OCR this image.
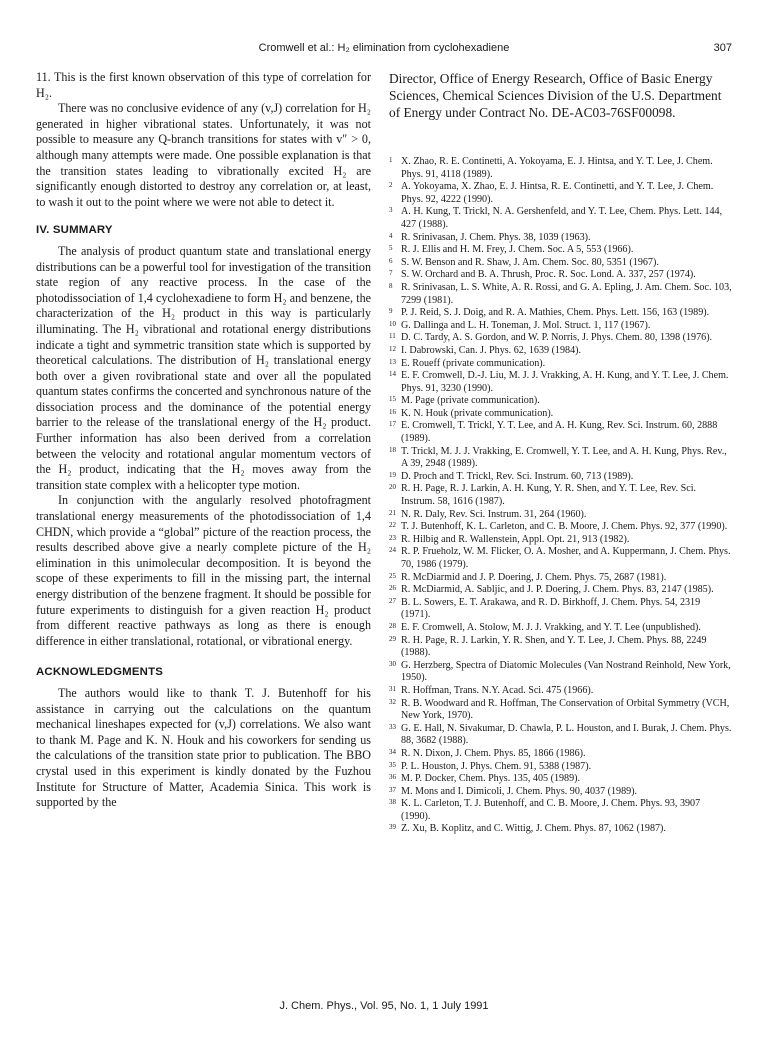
Cromwell et al.: H₂ elimination from cyclohexadiene	307

11. This is the first known observation of this type of correlation for H₂.

There was no conclusive evidence of any (v,J) correlation for H₂ generated in higher vibrational states. Unfortunately, it was not possible to measure any Q-branch transitions for states with v″ > 0, although many attempts were made. One possible explanation is that the transition states leading to vibrationally excited H₂ are significantly enough distorted to destroy any correlation or, at least, to wash it out to the point where we were not able to detect it.

IV. SUMMARY

The analysis of product quantum state and translational energy distributions can be a powerful tool for investigation of the transition state region of any reactive process. In the case of the photodissociation of 1,4 cyclohexadiene to form H₂ and benzene, the characterization of the H₂ product in this way is particularly illuminating. The H₂ vibrational and rotational energy distributions indicate a tight and symmetric transition state which is supported by theoretical calculations. The distribution of H₂ translational energy both over a given rovibrational state and over all the populated quantum states confirms the concerted and synchronous nature of the dissociation process and the dominance of the potential energy barrier to the release of the translational energy of the H₂ product. Further information has also been derived from a correlation between the velocity and rotational angular momentum vectors of the H₂ product, indicating that the H₂ moves away from the transition state complex with a helicopter type motion.

In conjunction with the angularly resolved photofragment translational energy measurements of the photodissociation of 1,4 CHDN, which provide a “global” picture of the reaction process, the results described above give a nearly complete picture of the H₂ elimination in this unimolecular decomposition. It is beyond the scope of these experiments to fill in the missing part, the internal energy distribution of the benzene fragment. It should be possible for future experiments to distinguish for a given reaction H₂ product from different reactive pathways as long as there is enough difference in either translational, rotational, or vibrational energy.

ACKNOWLEDGMENTS

The authors would like to thank T. J. Butenhoff for his assistance in carrying out the calculations on the quantum mechanical lineshapes expected for (v,J) correlations. We also want to thank M. Page and K. N. Houk and his coworkers for sending us the calculations of the transition state prior to publication. The BBO crystal used in this experiment is kindly donated by the Fuzhou Institute for Structure of Matter, Academia Sinica. This work is supported by the

Director, Office of Energy Research, Office of Basic Energy Sciences, Chemical Sciences Division of the U.S. Department of Energy under Contract No. DE-AC03-76SF00098.

1 X. Zhao, R. E. Continetti, A. Yokoyama, E. J. Hintsa, and Y. T. Lee, J. Chem. Phys. 91, 4118 (1989).
2 A. Yokoyama, X. Zhao, E. J. Hintsa, R. E. Continetti, and Y. T. Lee, J. Chem. Phys. 92, 4222 (1990).
3 A. H. Kung, T. Trickl, N. A. Gershenfeld, and Y. T. Lee, Chem. Phys. Lett. 144, 427 (1988).
4 R. Srinivasan, J. Chem. Phys. 38, 1039 (1963).
5 R. J. Ellis and H. M. Frey, J. Chem. Soc. A 5, 553 (1966).
6 S. W. Benson and R. Shaw, J. Am. Chem. Soc. 80, 5351 (1967).
7 S. W. Orchard and B. A. Thrush, Proc. R. Soc. Lond. A. 337, 257 (1974).
8 R. Srinivasan, L. S. White, A. R. Rossi, and G. A. Epling, J. Am. Chem. Soc. 103, 7299 (1981).
9 P. J. Reid, S. J. Doig, and R. A. Mathies, Chem. Phys. Lett. 156, 163 (1989).
10 G. Dallinga and L. H. Toneman, J. Mol. Struct. 1, 117 (1967).
11 D. C. Tardy, A. S. Gordon, and W. P. Norris, J. Phys. Chem. 80, 1398 (1976).
12 I. Dabrowski, Can. J. Phys. 62, 1639 (1984).
13 E. Roueff (private communication).
14 E. F. Cromwell, D.-J. Liu, M. J. J. Vrakking, A. H. Kung, and Y. T. Lee, J. Chem. Phys. 91, 3230 (1990).
15 M. Page (private communication).
16 K. N. Houk (private communication).
17 E. Cromwell, T. Trickl, Y. T. Lee, and A. H. Kung, Rev. Sci. Instrum. 60, 2888 (1989).
18 T. Trickl, M. J. J. Vrakking, E. Cromwell, Y. T. Lee, and A. H. Kung, Phys. Rev., A 39, 2948 (1989).
19 D. Proch and T. Trickl, Rev. Sci. Instrum. 60, 713 (1989).
20 R. H. Page, R. J. Larkin, A. H. Kung, Y. R. Shen, and Y. T. Lee, Rev. Sci. Instrum. 58, 1616 (1987).
21 N. R. Daly, Rev. Sci. Instrum. 31, 264 (1960).
22 T. J. Butenhoff, K. L. Carleton, and C. B. Moore, J. Chem. Phys. 92, 377 (1990).
23 R. Hilbig and R. Wallenstein, Appl. Opt. 21, 913 (1982).
24 R. P. Frueholz, W. M. Flicker, O. A. Mosher, and A. Kuppermann, J. Chem. Phys. 70, 1986 (1979).
25 R. McDiarmid and J. P. Doering, J. Chem. Phys. 75, 2687 (1981).
26 R. McDiarmid, A. Sabljic, and J. P. Doering, J. Chem. Phys. 83, 2147 (1985).
27 B. L. Sowers, E. T. Arakawa, and R. D. Birkhoff, J. Chem. Phys. 54, 2319 (1971).
28 E. F. Cromwell, A. Stolow, M. J. J. Vrakking, and Y. T. Lee (unpublished).
29 R. H. Page, R. J. Larkin, Y. R. Shen, and Y. T. Lee, J. Chem. Phys. 88, 2249 (1988).
30 G. Herzberg, Spectra of Diatomic Molecules (Van Nostrand Reinhold, New York, 1950).
31 R. Hoffman, Trans. N.Y. Acad. Sci. 475 (1966).
32 R. B. Woodward and R. Hoffman, The Conservation of Orbital Symmetry (VCH, New York, 1970).
33 G. E. Hall, N. Sivakumar, D. Chawla, P. L. Houston, and I. Burak, J. Chem. Phys. 88, 3682 (1988).
34 R. N. Dixon, J. Chem. Phys. 85, 1866 (1986).
35 P. L. Houston, J. Phys. Chem. 91, 5388 (1987).
36 M. P. Docker, Chem. Phys. 135, 405 (1989).
37 M. Mons and I. Dimicoli, J. Chem. Phys. 90, 4037 (1989).
38 K. L. Carleton, T. J. Butenhoff, and C. B. Moore, J. Chem. Phys. 93, 3907 (1990).
39 Z. Xu, B. Koplitz, and C. Wittig, J. Chem. Phys. 87, 1062 (1987).
J. Chem. Phys., Vol. 95, No. 1, 1 July 1991
